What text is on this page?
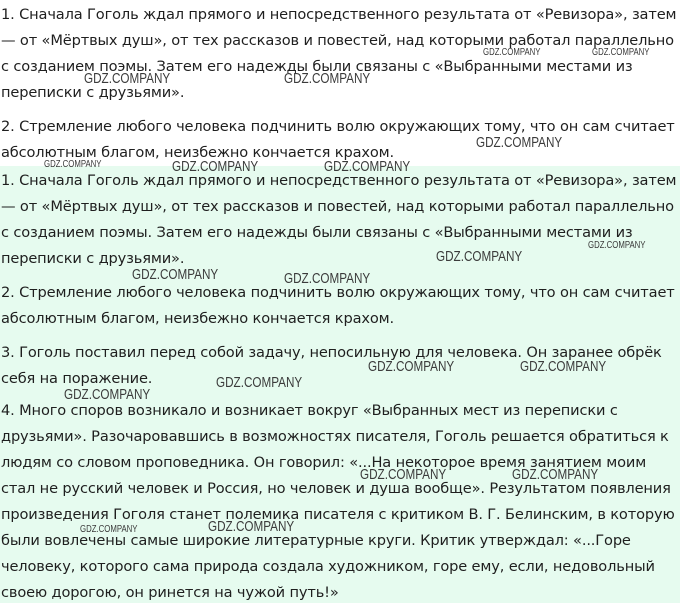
1. Сначала Гоголь ждал прямого и непосредственного результата от «Ревизора», затем — от «Мёртвых душ», от тех рассказов и повестей, над которыми работал параллельно с созданием поэмы. Затем его надежды были связаны с «Выбранными местами из переписки с друзьями».

2. Стремление любого человека подчинить волю окружающих тому, что он сам считает абсолютным благом, неизбежно кончается крахом.

1. Сначала Гоголь ждал прямого и непосредственного результата от «Ревизора», затем — от «Мёртвых душ», от тех рассказов и повестей, над которыми работал параллельно с созданием поэмы. Затем его надежды были связаны с «Выбранными местами из переписки с друзьями».

2. Стремление любого человека подчинить волю окружающих тому, что он сам считает абсолютным благом, неизбежно кончается крахом.

3. Гоголь поставил перед собой задачу, непосильную для человека. Он заранее обрёк себя на поражение.

4. Много споров возникало и возникает вокруг «Выбранных мест из переписки с друзьями». Разочаровавшись в возможностях писателя, Гоголь решается обратиться к людям со словом проповедника. Он говорил: «...На некоторое время занятием моим стал не русский человек и Россия, но человек и душа вообще». Результатом появления произведения Гоголя станет полемика писателя с критиком В. Г. Белинским, в которую были вовлечены самые широкие литературные круги. Критик утверждал: «...Горе человеку, которого сама природа создала художником, горе ему, если, недовольный своею дорогою, он ринется на чужой путь!»

GDZ.COMPANY	GDZ.COMPANY
GDZ.COMPANY	GDZ.COMPANY
GDZ.COMPANY
GDZ.COMPANY	GDZ.COMPANY	GDZ.COMPANY
GDZ.COMPANY
GDZ.COMPANY
GDZ.COMPANY	GDZ.COMPANY
GDZ.COMPANY	GDZ.COMPANY
GDZ.COMPANY
GDZ.COMPANY
GDZ.COMPANY	GDZ.COMPANY
GDZ.COMPANY
GDZ.COMPANY
